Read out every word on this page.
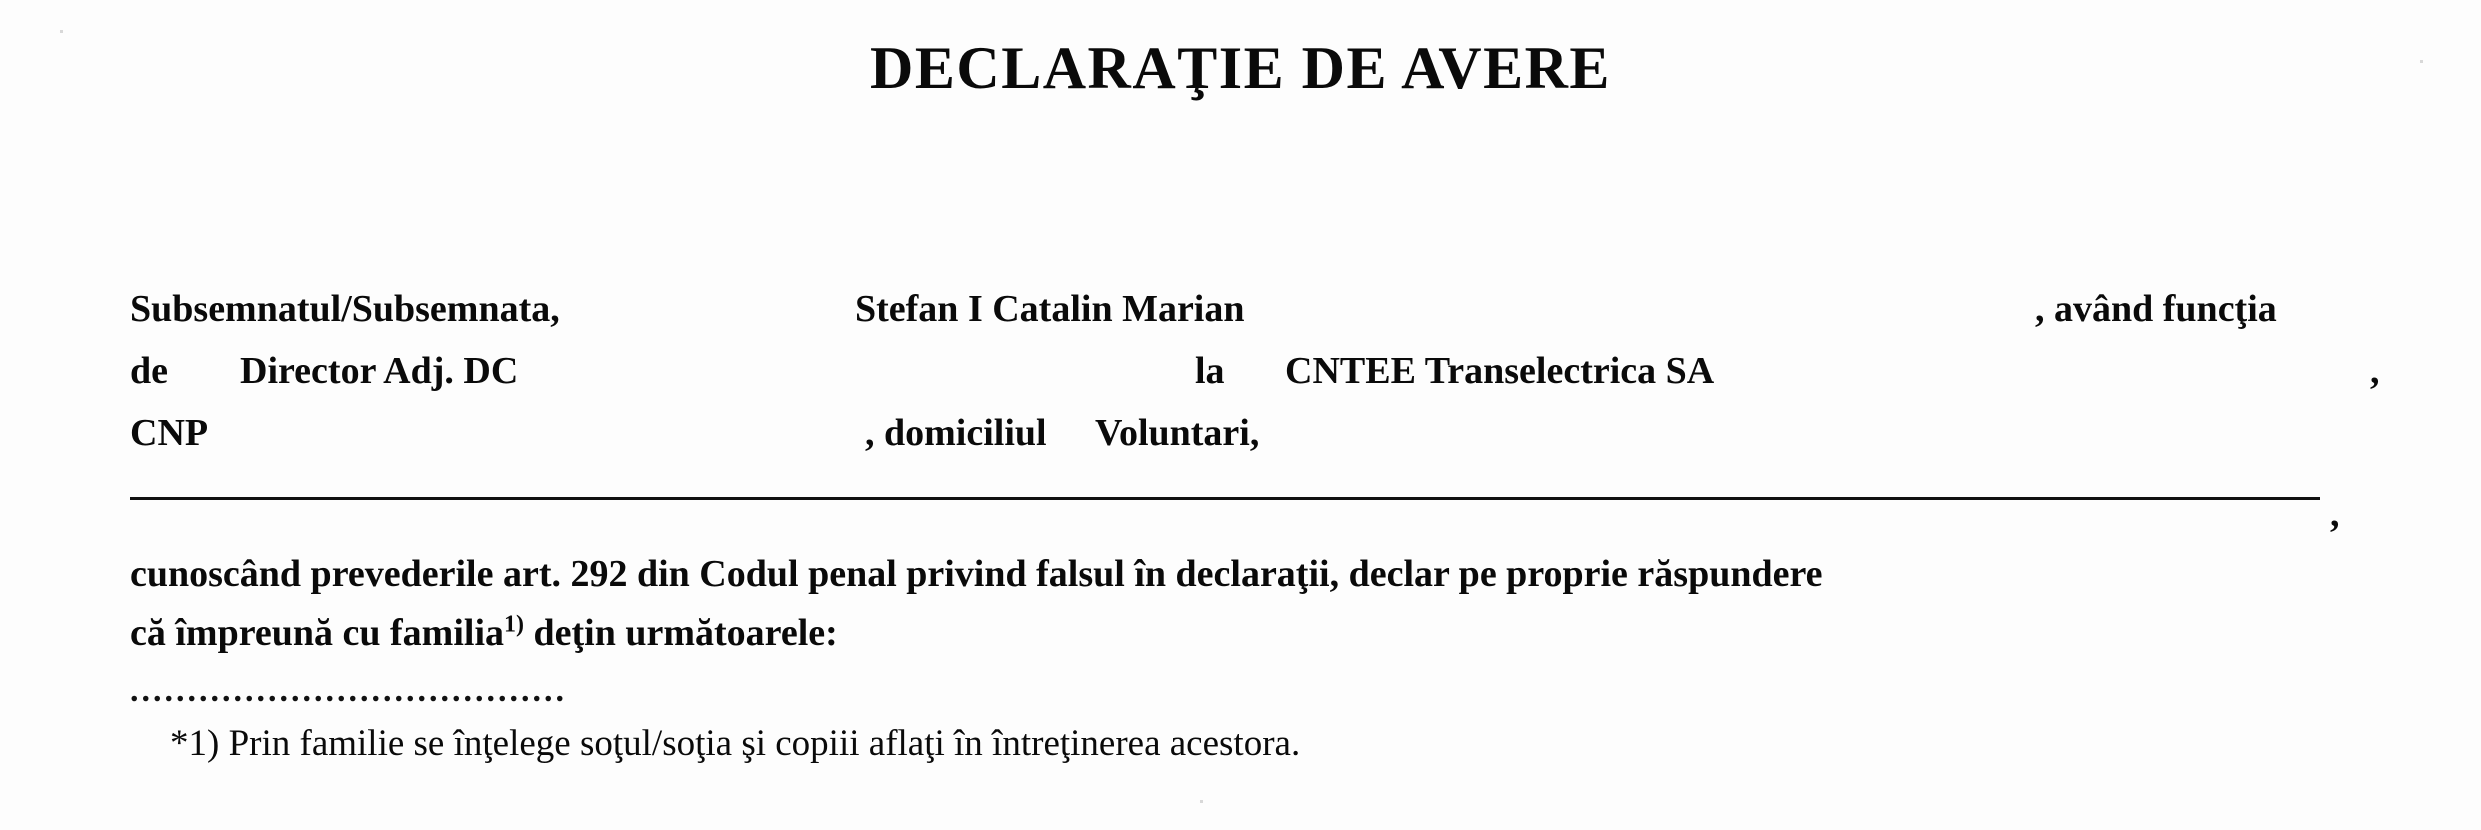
DECLARAŢIE DE AVERE
Subsemnatul/Subsemnata,	Stefan I Catalin Marian	, având funcţia
de Director Adj. DC	la CNTEE Transelectrica SA	,
CNP	, domiciliul Voluntari,
,
cunoscând prevederile art. 292 din Codul penal privind falsul în declaraţii, declar pe proprie răspundere
că împreună cu familia$^{1)}$ deţin următoarele:
......................................
*1) Prin familie se înţelege soţul/soţia şi copiii aflaţi în întreţinerea acestora.
